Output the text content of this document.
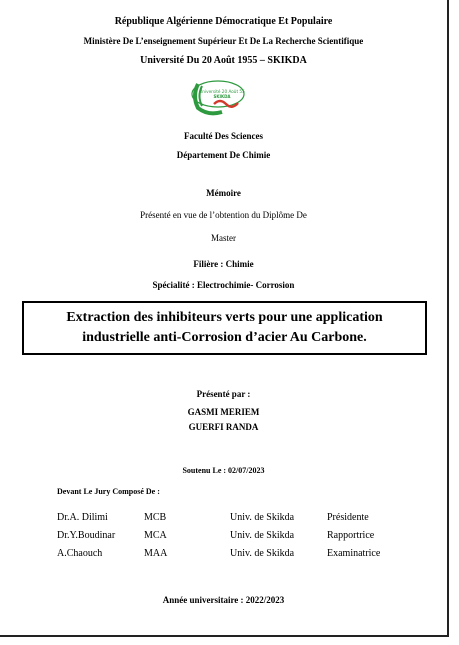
République Algérienne Démocratique Et Populaire
Ministère De L’enseignement Supérieur Et De La Recherche Scientifique
Université Du 20 Août 1955 – SKIKDA
Université 20 Août 55
SKIKDA
Faculté Des Sciences
Département De Chimie
Mémoire
Présenté en vue de l’obtention du Diplôme De
Master
Filière : Chimie
Spécialité : Electrochimie- Corrosion
Extraction des inhibiteurs verts pour une application
industrielle anti-Corrosion d’acier Au Carbone.
Présenté par :
GASMI MERIEM
GUERFI RANDA
Soutenu Le : 02/07/2023
Devant Le Jury Composé De :
Dr.A. Dilimi	MCB	Univ. de Skikda	Présidente
Dr.Y.Boudinar	MCA	Univ. de Skikda	Rapportrice
A.Chaouch	MAA	Univ. de Skikda	Examinatrice
Année universitaire : 2022/2023
